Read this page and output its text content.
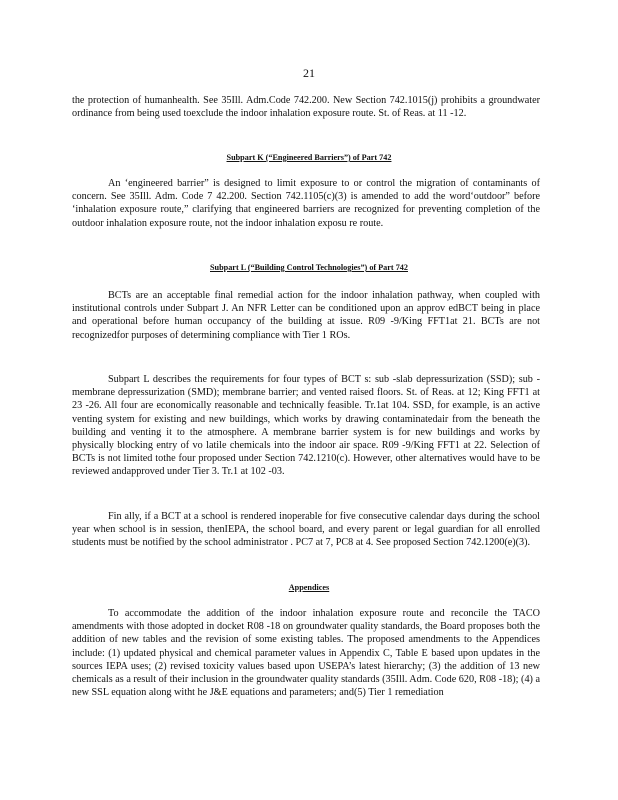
21

the protection of humanhealth. See 35Ill. Adm.Code 742.200. New Section 742.1015(j) prohibits a groundwater ordinance from being used toexclude the indoor inhalation exposure route. St. of Reas. at 11 -12.

Subpart K (“Engineered Barriers”) of Part 742

An ‘engineered barrier” is designed to limit exposure to or control the migration of contaminants of concern. See 35Ill. Adm. Code 7 42.200. Section 742.1105(c)(3) is amended to add the word‘outdoor” before ‘inhalation exposure route,” clarifying that engineered barriers are recognized for preventing completion of the outdoor inhalation exposure route, not the indoor inhalation exposu re route.

Subpart L (“Building Control Technologies”) of Part 742

BCTs are an acceptable final remedial action for the indoor inhalation pathway, when coupled with institutional controls under Subpart J. An NFR Letter can be conditioned upon an approv edBCT being in place and operational before human occupancy of the building at issue. R09 -9/King FFT1at 21. BCTs are not recognizedfor purposes of determining compliance with Tier 1 ROs.

Subpart L describes the requirements for four types of BCT s: sub -slab depressurization (SSD); sub -membrane depressurization (SMD); membrane barrier; and vented raised floors. St. of Reas. at 12; King FFT1 at 23 -26. All four are economically reasonable and technically feasible. Tr.1at 104. SSD, for example, is an active venting system for existing and new buildings, which works by drawing contaminatedair from the beneath the building and venting it to the atmosphere. A membrane barrier system is for new buildings and works by physically blocking entry of vo latile chemicals into the indoor air space. R09 -9/King FFT1 at 22. Selection of BCTs is not limited tothe four proposed under Section 742.1210(c). However, other alternatives would have to be reviewed andapproved under Tier 3. Tr.1 at 102 -03.

Fin ally, if a BCT at a school is rendered inoperable for five consecutive calendar days during the school year when school is in session, thenIEPA, the school board, and every parent or legal guardian for all enrolled students must be notified by the school administrator . PC7 at 7, PC8 at 4. See proposed Section 742.1200(e)(3).

Appendices

To accommodate the addition of the indoor inhalation exposure route and reconcile the TACO amendments with those adopted in docket R08 -18 on groundwater quality standards, the Board proposes both the addition of new tables and the revision of some existing tables. The proposed amendments to the Appendices include: (1) updated physical and chemical parameter values in Appendix C, Table E based upon updates in the sources IEPA uses; (2) revised toxicity values based upon USEPA’s latest hierarchy; (3) the addition of 13 new chemicals as a result of their inclusion in the groundwater quality standards (35Ill. Adm. Code 620, R08 -18); (4) a new SSL equation along witht he J&E equations and parameters; and(5) Tier 1 remediation
